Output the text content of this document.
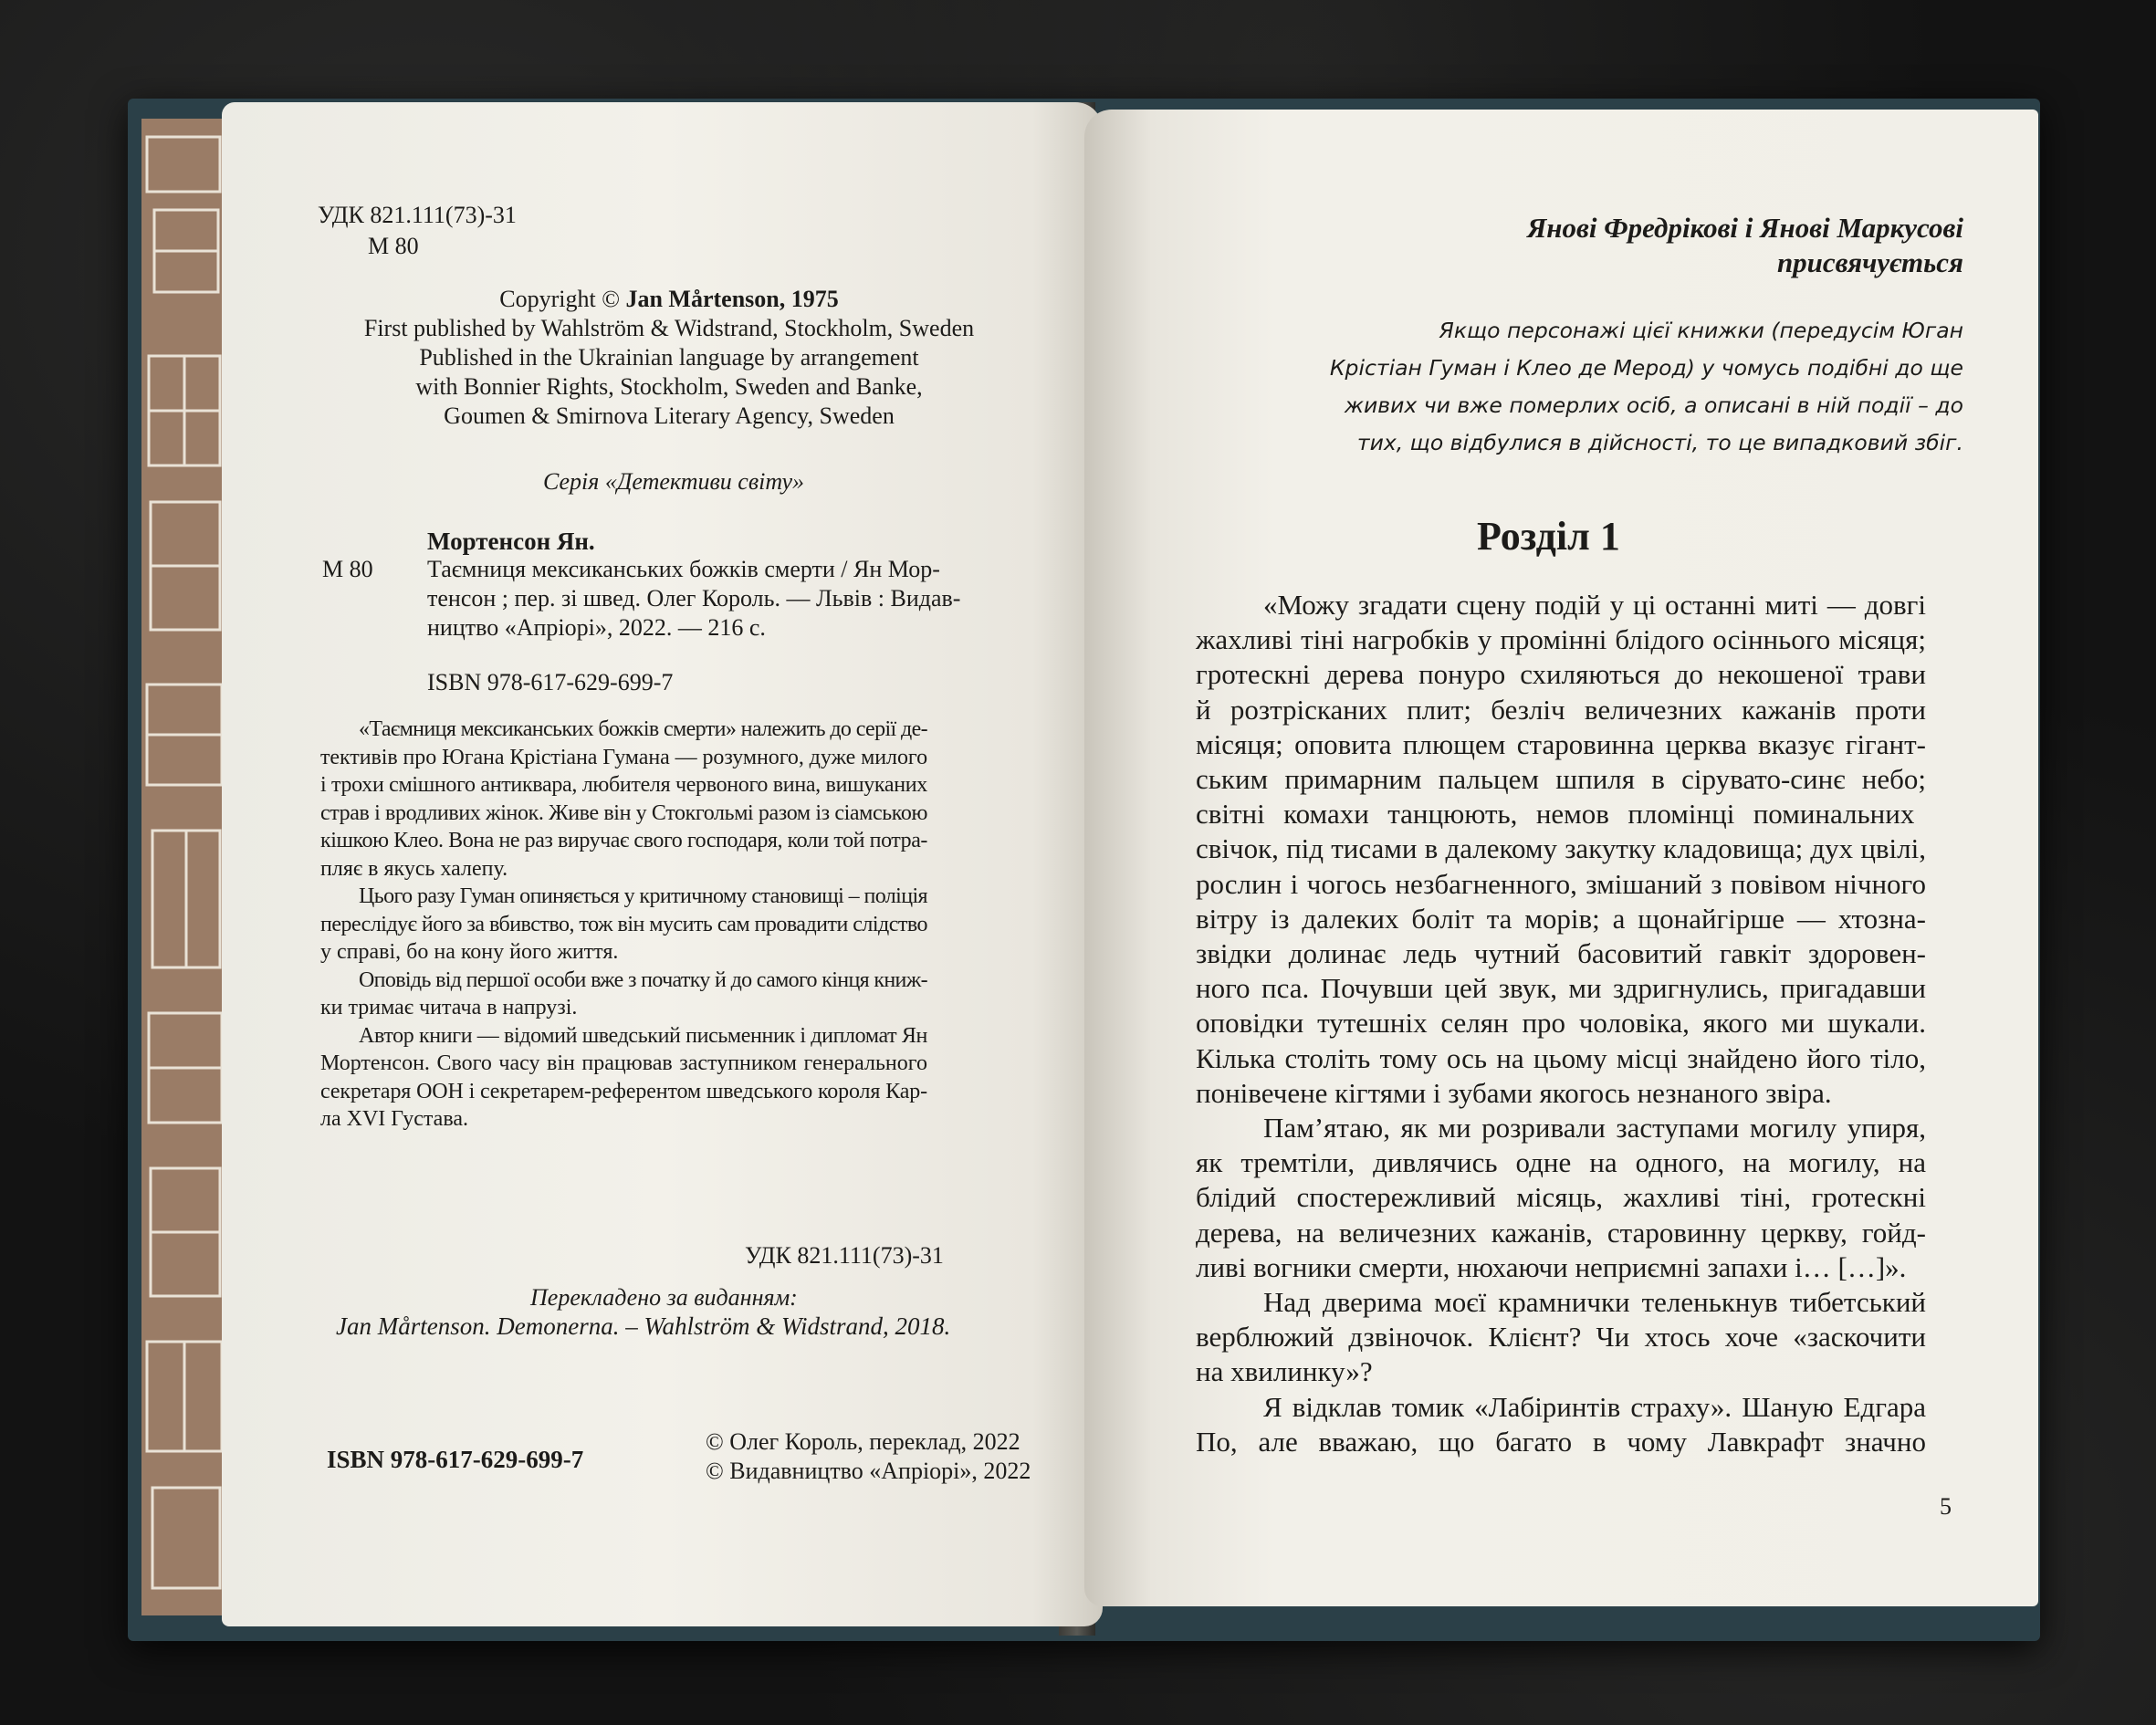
УДК 821.111(73)-31
М 80
Copyright © Jan Mårtenson, 1975
First published by Wahlström & Widstrand, Stockholm, Sweden
Published in the Ukrainian language by arrangement
with Bonnier Rights, Stockholm, Sweden and Banke,
Goumen & Smirnova Literary Agency, Sweden
Серія «Детективи світу»
Мортенсон Ян.
М 80 Таємниця мексиканських божків смерти / Ян Мор-
тенсон ; пер. зі швед. Олег Король. — Львів : Видав-
ництво «Апріорі», 2022. — 216 с.
ISBN 978-617-629-699-7

«Таємниця мексиканських божків смерти» належить до серії де-

тективів про Югана Крістіана Гумана — розумного, дуже милого

і трохи смішного антиквара, любителя червоного вина, вишуканих

страв і вродливих жінок. Живе він у Стокгольмі разом із сіамською

кішкою Клео. Вона не раз виручає свого господаря, коли той потра-

пляє в якусь халепу.

Цього разу Гуман опиняється у критичному становищі – поліція

переслідує його за вбивство, тож він мусить сам провадити слідство

у справі, бо на кону його життя.

Оповідь від першої особи вже з початку й до самого кінця книж-

ки тримає читача в напрузі.

Автор книги — відомий шведський письменник і дипломат Ян

Мортенсон. Свого часу він працював заступником генерального

секретаря ООН і секретарем-референтом шведського короля Кар-

ла XVI Густава.

УДК 821.111(73)-31
Перекладено за виданням:
Jan Mårtenson. Demonerna. – Wahlström & Widstrand, 2018.
ISBN 978-617-629-699-7
© Олег Король, переклад, 2022
© Видавництво «Апріорі», 2022
Янові Фредрікові і Янові Маркусові
присвячується
Якщо персонажі цієї книжки (передусім Юган
Крістіан Гуман і Клео де Мерод) у чомусь подібні до ще
живих чи вже померлих осіб, а описані в ній події – до
тих, що відбулися в дійсності, то це випадковий збіг.
Розділ 1

«Можу згадати сцену подій у ці останні миті — довгі

жахливі тіні нагробків у промінні блідого осіннього місяця;

гротескні дерева понуро схиляються до некошеної трави

й розтрісканих плит; безліч величезних кажанів проти

місяця; оповита плющем старовинна церква вказує гігант-

ським примарним пальцем шпиля в сірувато-синє небо;

світні комахи танцюють, немов пломінці поминальних

свічок, під тисами в далекому закутку кладовища; дух цвілі,

рослин і чогось незбагненного, змішаний з повівом нічного

вітру із далеких боліт та морів; а щонайгірше — хтозна-

звідки долинає ледь чутний басовитий гавкіт здоровен-

ного пса. Почувши цей звук, ми здригнулись, пригадавши

оповідки тутешніх селян про чоловіка, якого ми шукали.

Кілька століть тому ось на цьому місці знайдено його тіло,

понівечене кігтями і зубами якогось незнаного звіра.

Пам’ятаю, як ми розривали заступами могилу упиря,

як тремтіли, дивлячись одне на одного, на могилу, на

блідий спостережливий місяць, жахливі тіні, гротескні

дерева, на величезних кажанів, старовинну церкву, гойд-

ливі вогники смерти, нюхаючи неприємні запахи і… […]».

Над дверима моєї крамнички теленькнув тибетський

верблюжий дзвіночок. Клієнт? Чи хтось хоче «заскочити

на хвилинку»?

Я відклав томик «Лабіринтів страху». Шаную Едгара

По, але вважаю, що багато в чому Лавкрафт значно

5
